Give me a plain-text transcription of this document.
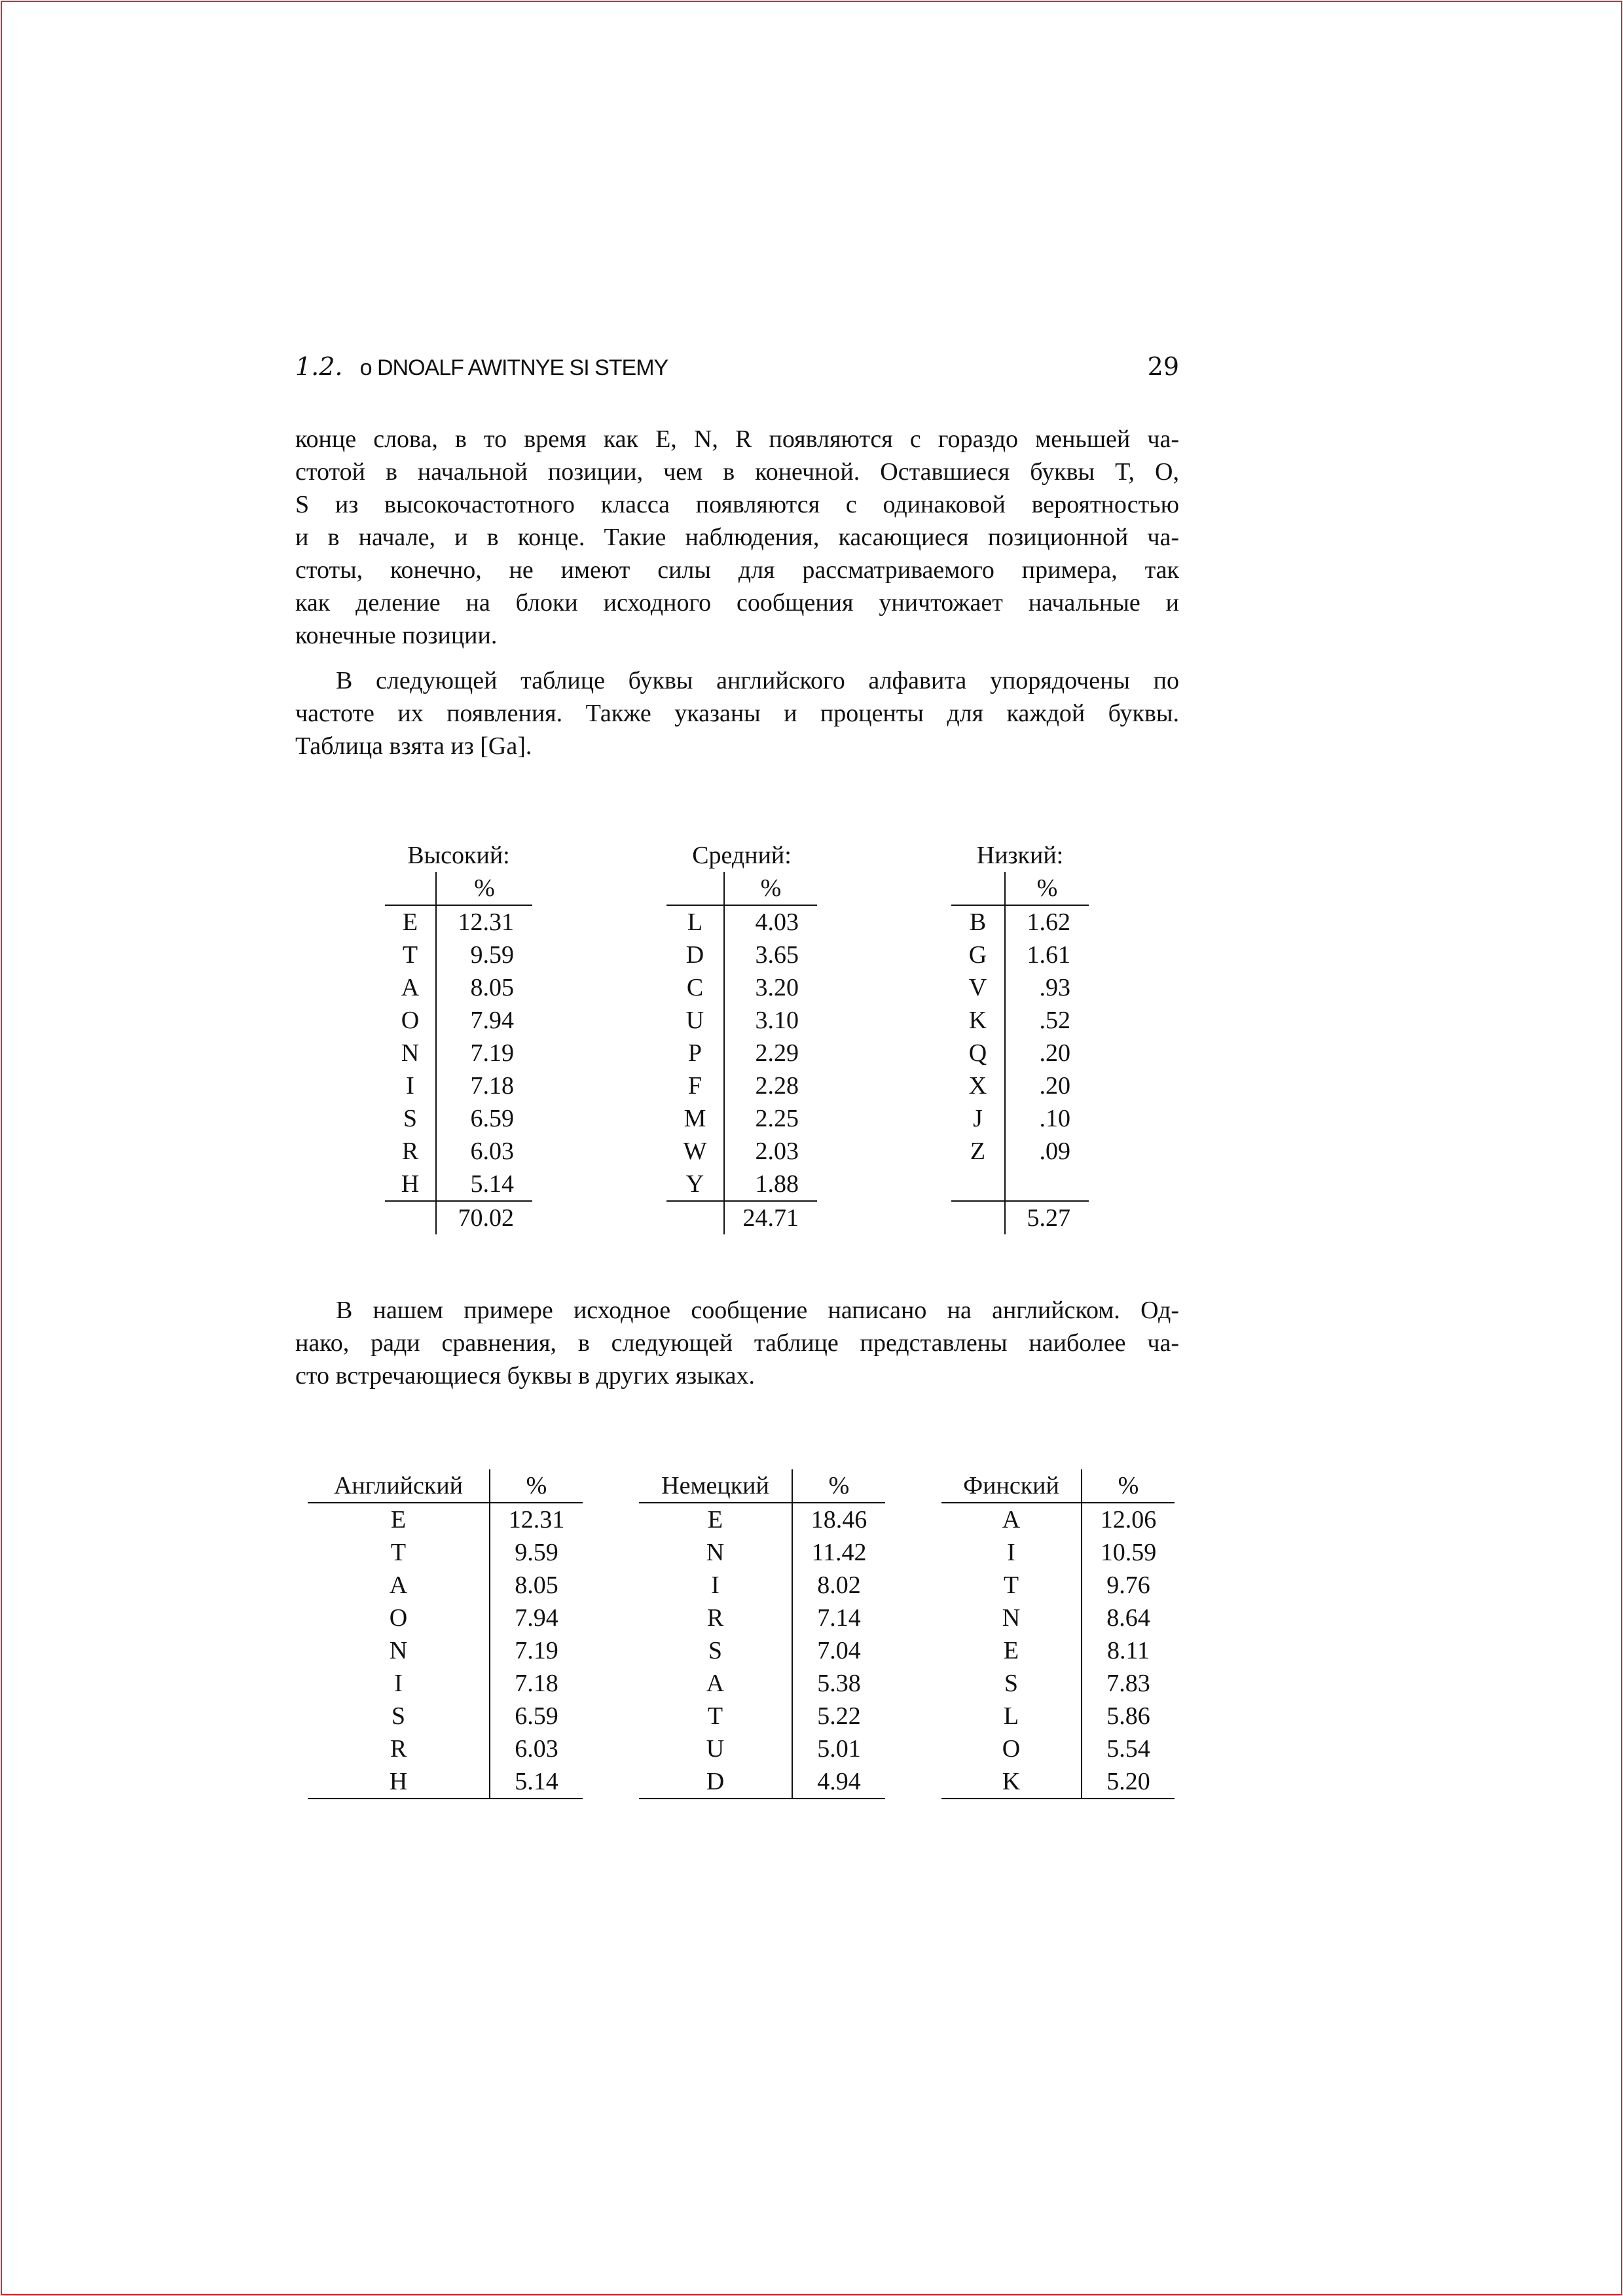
1.2. o DNOALF AWITNYE SI STEMY	29
конце слова, в то время как E, N, R появляются с гораздо меньшей ча-
стотой в начальной позиции, чем в конечной. Оставшиеся буквы T, O,
S из высокочастотного класса появляются с одинаковой вероятностью
и в начале, и в конце. Такие наблюдения, касающиеся позиционной ча-
стоты, конечно, не имеют силы для рассматриваемого примера, так
как деление на блоки исходного сообщения уничтожает начальные и
конечные позиции.
В следующей таблице буквы английского алфавита упорядочены по
частоте их появления. Также указаны и проценты для каждой буквы.
Таблица взята из [Ga].
Высокий:
	%
E	12.31
T	9.59
A	8.05
O	7.94
N	7.19
I	7.18
S	6.59
R	6.03
H	5.14
	70.02
Средний:
	%
L	4.03
D	3.65
C	3.20
U	3.10
P	2.29
F	2.28
M	2.25
W	2.03
Y	1.88
	24.71
Низкий:
	%
B	1.62
G	1.61
V	.93
K	.52
Q	.20
X	.20
J	.10
Z	.09

	5.27
В нашем примере исходное сообщение написано на английском. Од-
нако, ради сравнения, в следующей таблице представлены наиболее ча-
сто встречающиеся буквы в других языках.
Английский	%
E	12.31
T	9.59
A	8.05
O	7.94
N	7.19
I	7.18
S	6.59
R	6.03
H	5.14
Немецкий	%
E	18.46
N	11.42
I	8.02
R	7.14
S	7.04
A	5.38
T	5.22
U	5.01
D	4.94
Финский	%
A	12.06
I	10.59
T	9.76
N	8.64
E	8.11
S	7.83
L	5.86
O	5.54
K	5.20
